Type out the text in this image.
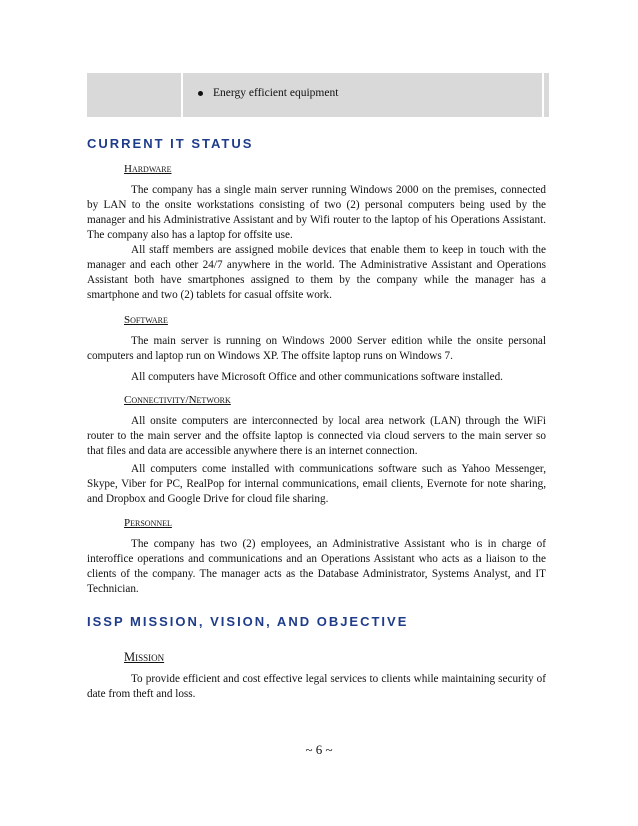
Energy efficient equipment
CURRENT IT STATUS
Hardware

The company has a single main server running Windows 2000 on the premises, connected by LAN to the onsite workstations consisting of two (2) personal computers being used by the manager and his Administrative Assistant and by Wifi router to the laptop of his Operations Assistant. The company also has a laptop for offsite use.

All staff members are assigned mobile devices that enable them to keep in touch with the manager and each other 24/7 anywhere in the world. The Administrative Assistant and Operations Assistant both have smartphones assigned to them by the company while the manager has a smartphone and two (2) tablets for casual offsite work.

Software

The main server is running on Windows 2000 Server edition while the onsite personal computers and laptop run on Windows XP. The offsite laptop runs on Windows 7.

All computers have Microsoft Office and other communications software installed.

Connectivity/Network

All onsite computers are interconnected by local area network (LAN) through the WiFi router to the main server and the offsite laptop is connected via cloud servers to the main server so that files and data are accessible anywhere there is an internet connection.

All computers come installed with communications software such as Yahoo Messenger, Skype, Viber for PC, RealPop for internal communications, email clients, Evernote for note sharing, and Dropbox and Google Drive for cloud file sharing.

Personnel

The company has two (2) employees, an Administrative Assistant who is in charge of interoffice operations and communications and an Operations Assistant who acts as a liaison to the clients of the company. The manager acts as the Database Administrator, Systems Analyst, and IT Technician.

ISSP MISSION, VISION, AND OBJECTIVE
Mission

To provide efficient and cost effective legal services to clients while maintaining security of date from theft and loss.

~ 6 ~
